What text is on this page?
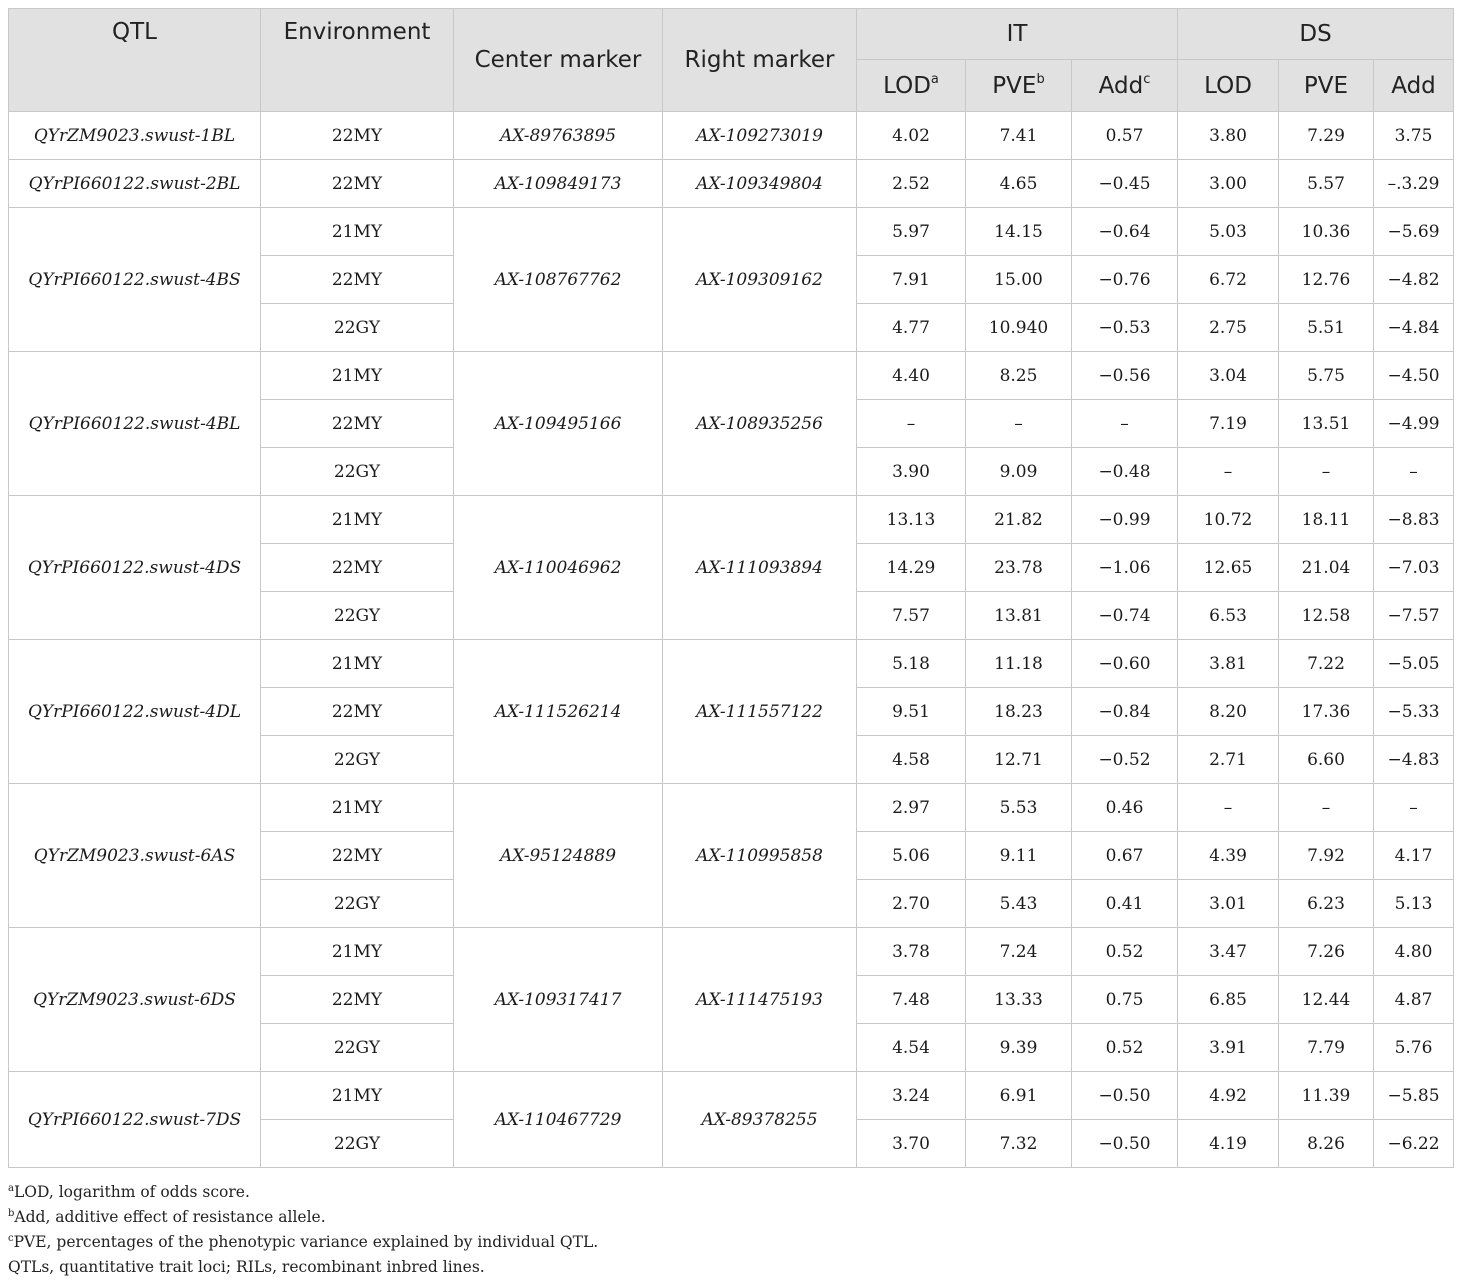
QTL	Environment	Center marker	Right marker	IT			DS		
				LOD$^a$	PVE$^b$	Add$^c$	LOD	PVE	Add
QYrZM9023.swust-1BL	22MY	AX-89763895	AX-109273019	4.02	7.41	0.57	3.80	7.29	3.75
QYrPI660122.swust-2BL	22MY	AX-109849173	AX-109349804	2.52	4.65	−0.45	3.00	5.57	–.3.29
QYrPI660122.swust-4BS	21MY	AX-108767762	AX-109309162	5.97	14.15	−0.64	5.03	10.36	−5.69
	22MY			7.91	15.00	−0.76	6.72	12.76	−4.82
	22GY			4.77	10.940	−0.53	2.75	5.51	−4.84
QYrPI660122.swust-4BL	21MY	AX-109495166	AX-108935256	4.40	8.25	−0.56	3.04	5.75	−4.50
	22MY			–	–	–	7.19	13.51	−4.99
	22GY			3.90	9.09	−0.48	–	–	–
QYrPI660122.swust-4DS	21MY	AX-110046962	AX-111093894	13.13	21.82	−0.99	10.72	18.11	−8.83
	22MY			14.29	23.78	−1.06	12.65	21.04	−7.03
	22GY			7.57	13.81	−0.74	6.53	12.58	−7.57
QYrPI660122.swust-4DL	21MY	AX-111526214	AX-111557122	5.18	11.18	−0.60	3.81	7.22	−5.05
	22MY			9.51	18.23	−0.84	8.20	17.36	−5.33
	22GY			4.58	12.71	−0.52	2.71	6.60	−4.83
QYrZM9023.swust-6AS	21MY	AX-95124889	AX-110995858	2.97	5.53	0.46	–	–	–
	22MY			5.06	9.11	0.67	4.39	7.92	4.17
	22GY			2.70	5.43	0.41	3.01	6.23	5.13
QYrZM9023.swust-6DS	21MY	AX-109317417	AX-111475193	3.78	7.24	0.52	3.47	7.26	4.80
	22MY			7.48	13.33	0.75	6.85	12.44	4.87
	22GY			4.54	9.39	0.52	3.91	7.79	5.76
QYrPI660122.swust-7DS	21MY	AX-110467729	AX-89378255	3.24	6.91	−0.50	4.92	11.39	−5.85
	22GY			3.70	7.32	−0.50	4.19	8.26	−6.22
$^a$LOD, logarithm of odds score.
$^b$Add, additive effect of resistance allele.
$^c$PVE, percentages of the phenotypic variance explained by individual QTL.
QTLs, quantitative trait loci; RILs, recombinant inbred lines.
